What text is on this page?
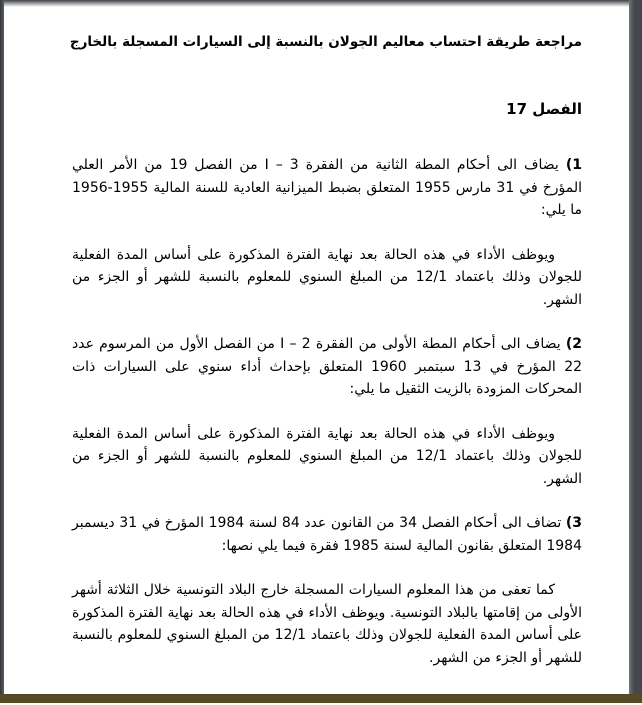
مراجعة طريقة احتساب معاليم الجولان بالنسبة إلى السيارات المسجلة بالخارج
الفصل 17

1) يضاف الى أحكام المطة الثانية من الفقرة I – 3 من الفصل 19 من الأمر العلي المؤرخ في 31 مارس 1955 المتعلق بضبط الميزانية العادية للسنة المالية 1955-1956 ما يلي:

ويوظف الأداء في هذه الحالة بعد نهاية الفترة المذكورة على أساس المدة الفعلية للجولان وذلك باعتماد 12/1 من المبلغ السنوي للمعلوم بالنسبة للشهر أو الجزء من الشهر.

2) يضاف الى أحكام المطة الأولى من الفقرة I – 2 من الفصل الأول من المرسوم عدد 22 المؤرخ في 13 سبتمبر 1960 المتعلق بإحداث أداء سنوي على السيارات ذات المحركات المزودة بالزيت الثقيل ما يلي:

ويوظف الأداء في هذه الحالة بعد نهاية الفترة المذكورة على أساس المدة الفعلية للجولان وذلك باعتماد 12/1 من المبلغ السنوي للمعلوم بالنسبة للشهر أو الجزء من الشهر.

3) تضاف الى أحكام الفصل 34 من القانون عدد 84 لسنة 1984 المؤرخ في 31 ديسمبر 1984 المتعلق بقانون المالية لسنة 1985 فقرة فيما يلي نصها:

كما تعفى من هذا المعلوم السيارات المسجلة خارج البلاد التونسية خلال الثلاثة أشهر الأولى من إقامتها بالبلاد التونسية. ويوظف الأداء في هذه الحالة بعد نهاية الفترة المذكورة على أساس المدة الفعلية للجولان وذلك باعتماد 12/1 من المبلغ السنوي للمعلوم بالنسبة للشهر أو الجزء من الشهر.
